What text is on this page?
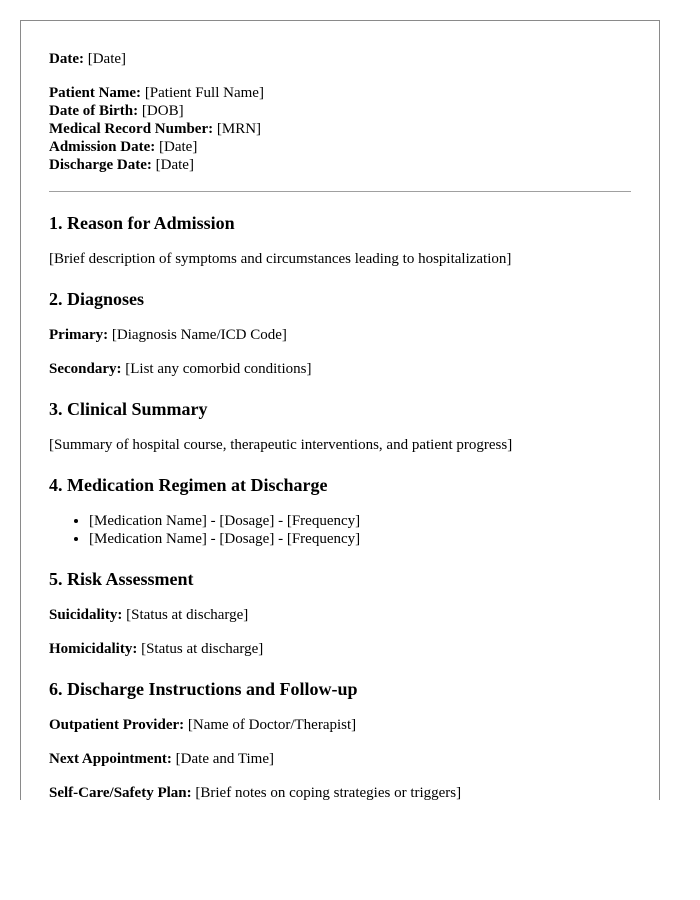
Date: [Date]

Patient Name: [Patient Full Name]

Date of Birth: [DOB]

Medical Record Number: [MRN]

Admission Date: [Date]

Discharge Date: [Date]

1. Reason for Admission

[Brief description of symptoms and circumstances leading to hospitalization]

2. Diagnoses

Primary: [Diagnosis Name/ICD Code]

Secondary: [List any comorbid conditions]

3. Clinical Summary

[Summary of hospital course, therapeutic interventions, and patient progress]

4. Medication Regimen at Discharge
• [Medication Name] - [Dosage] - [Frequency]
• [Medication Name] - [Dosage] - [Frequency]
5. Risk Assessment

Suicidality: [Status at discharge]

Homicidality: [Status at discharge]

6. Discharge Instructions and Follow-up

Outpatient Provider: [Name of Doctor/Therapist]

Next Appointment: [Date and Time]

Self-Care/Safety Plan: [Brief notes on coping strategies or triggers]
